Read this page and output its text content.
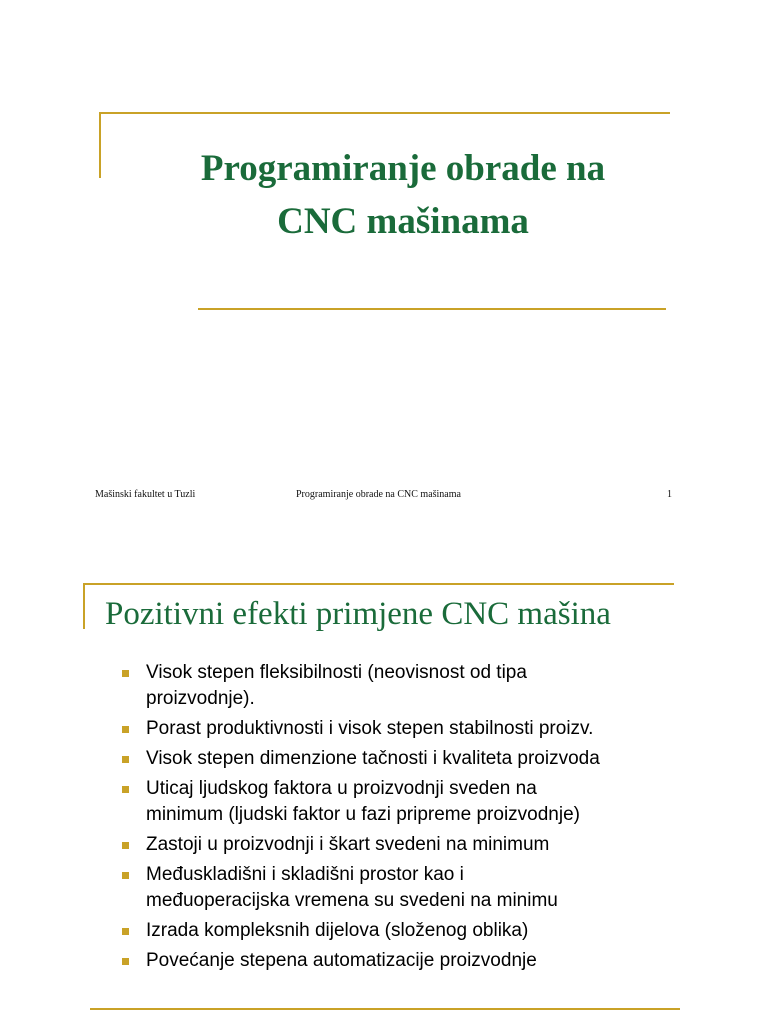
Programiranje obrade na
CNC mašinama
Mašinski fakultet u Tuzli	Programiranje obrade na CNC mašinama	1
Pozitivni efekti primjene CNC mašina
Visok stepen fleksibilnosti (neovisnost od tipa
proizvodnje).
Porast produktivnosti i visok stepen stabilnosti proizv.
Visok stepen dimenzione tačnosti i kvaliteta proizvoda
Uticaj ljudskog faktora u proizvodnji sveden na
minimum (ljudski faktor u fazi pripreme proizvodnje)
Zastoji u proizvodnji i škart svedeni na minimum
Međuskladišni i skladišni prostor kao i
međuoperacijska vremena su svedeni na minimu
Izrada kompleksnih dijelova (složenog oblika)
Povećanje stepena automatizacije proizvodnje
